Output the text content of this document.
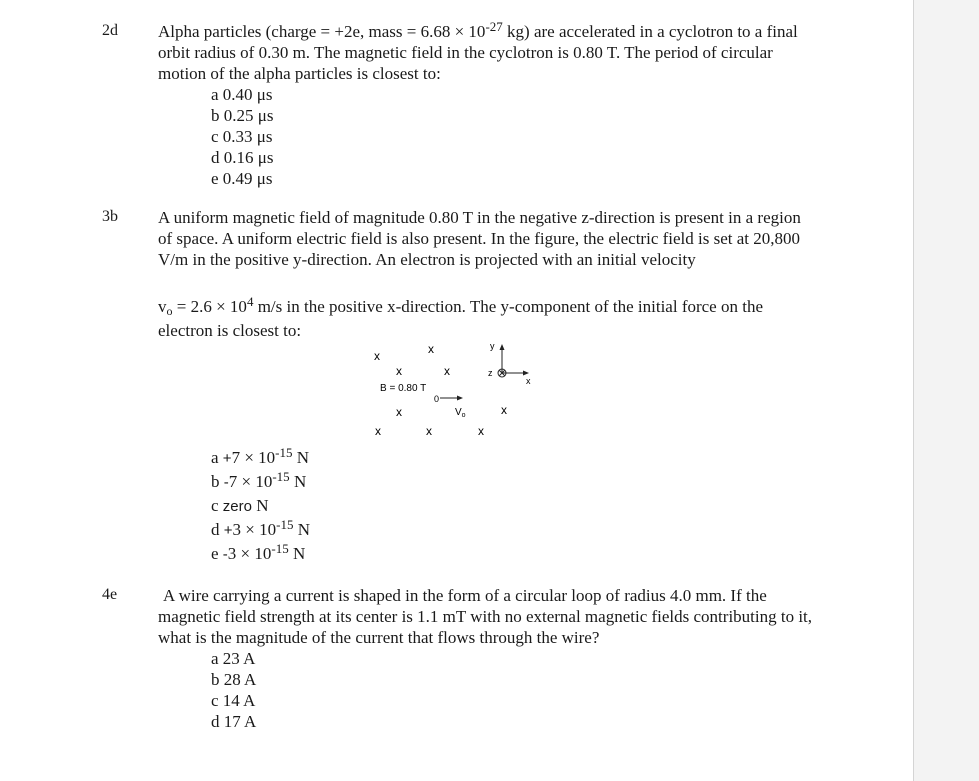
2d Alpha particles (charge = +2e, mass = $6.68 \times 10^{-27}$ kg) are accelerated in a cyclotron to a final orbit radius of 0.30 m. The magnetic field in the cyclotron is 0.80 T. The period of circular motion of the alpha particles is closest to:

a 0.40 μs
b 0.25 μs
c 0.33 μs
d 0.16 μs
e 0.49 μs
3b A uniform magnetic field of magnitude 0.80 T in the negative z-direction is present in a region of space. A uniform electric field is also present. In the figure, the electric field is set at 20,800 V/m in the positive y-direction. An electron is projected with an initial velocity

$v_o = 2.6 \times 10^4$ m/s in the positive x-direction. The y-component of the initial force on the electron is closest to:

x	x
x	x
x	x
x	x	x
B = 0.80 T
0
$V_o$
y
z
x
$a +7 \times 10^{-15}$ N
b $-7 \times 10^{-15}$ N
c zero N
$d +3 \times 10^{-15}$ N
e $-3 \times 10^{-15}$ N
4e	A wire carrying a current is shaped in the form of a circular loop of radius 4.0 mm. If the magnetic field strength at its center is 1.1 mT with no external magnetic fields contributing to it, what is the magnitude of the current that flows through the wire?

a 23 A
b 28 A
c 14 A
d 17 A
